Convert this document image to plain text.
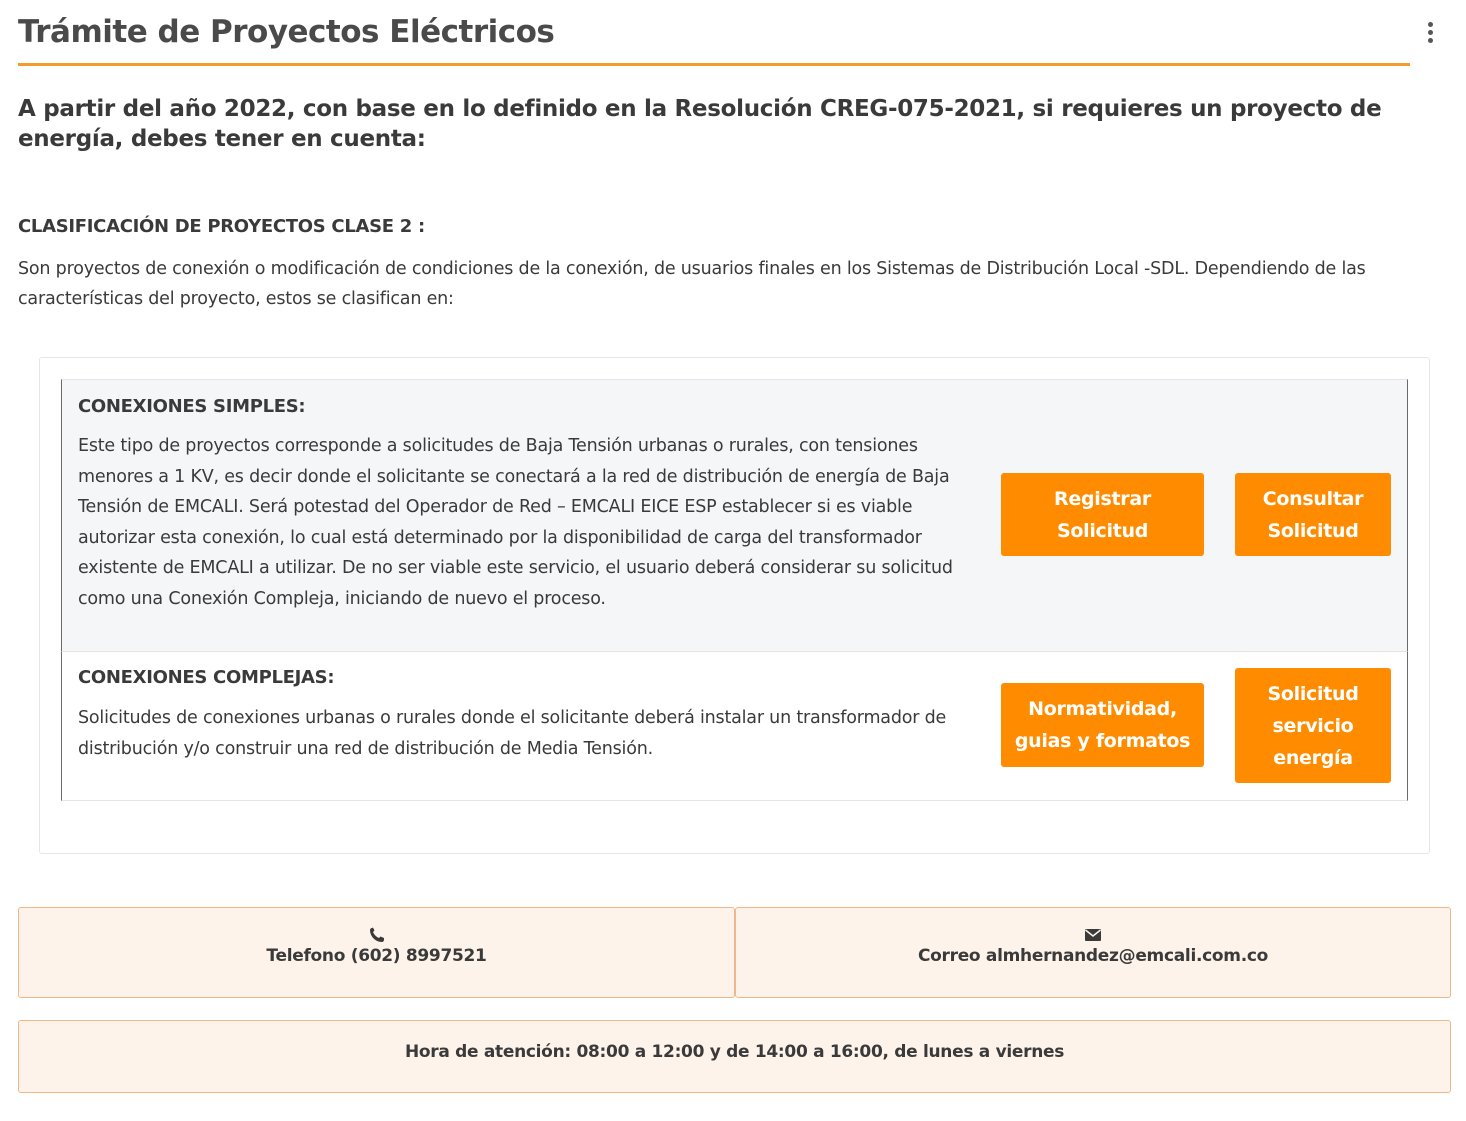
Trámite de Proyectos Eléctricos
A partir del año 2022, con base en lo definido en la Resolución CREG-075-2021, si requieres un proyecto de energía, debes tener en cuenta:
CLASIFICACIÓN DE PROYECTOS CLASE 2 :
Son proyectos de conexión o modificación de condiciones de la conexión, de usuarios finales en los Sistemas de Distribución Local -SDL. Dependiendo de las características del proyecto, estos se clasifican en:
CONEXIONES SIMPLES:
Este tipo de proyectos corresponde a solicitudes de Baja Tensión urbanas o rurales, con tensiones menores a 1 KV, es decir donde el solicitante se conectará a la red de distribución de energía de Baja Tensión de EMCALI. Será potestad del Operador de Red – EMCALI EICE ESP establecer si es viable autorizar esta conexión, lo cual está determinado por la disponibilidad de carga del transformador existente de EMCALI a utilizar. De no ser viable este servicio, el usuario deberá considerar su solicitud como una Conexión Compleja, iniciando de nuevo el proceso.
CONEXIONES COMPLEJAS:
Solicitudes de conexiones urbanas o rurales donde el solicitante deberá instalar un transformador de distribución y/o construir una red de distribución de Media Tensión.
Registrar Solicitud
Consultar Solicitud
Normatividad, guias y formatos
Solicitud servicio energía
Telefono (602) 8997521	Correo almhernandez@emcali.com.co
Hora de atención: 08:00 a 12:00 y de 14:00 a 16:00, de lunes a viernes
